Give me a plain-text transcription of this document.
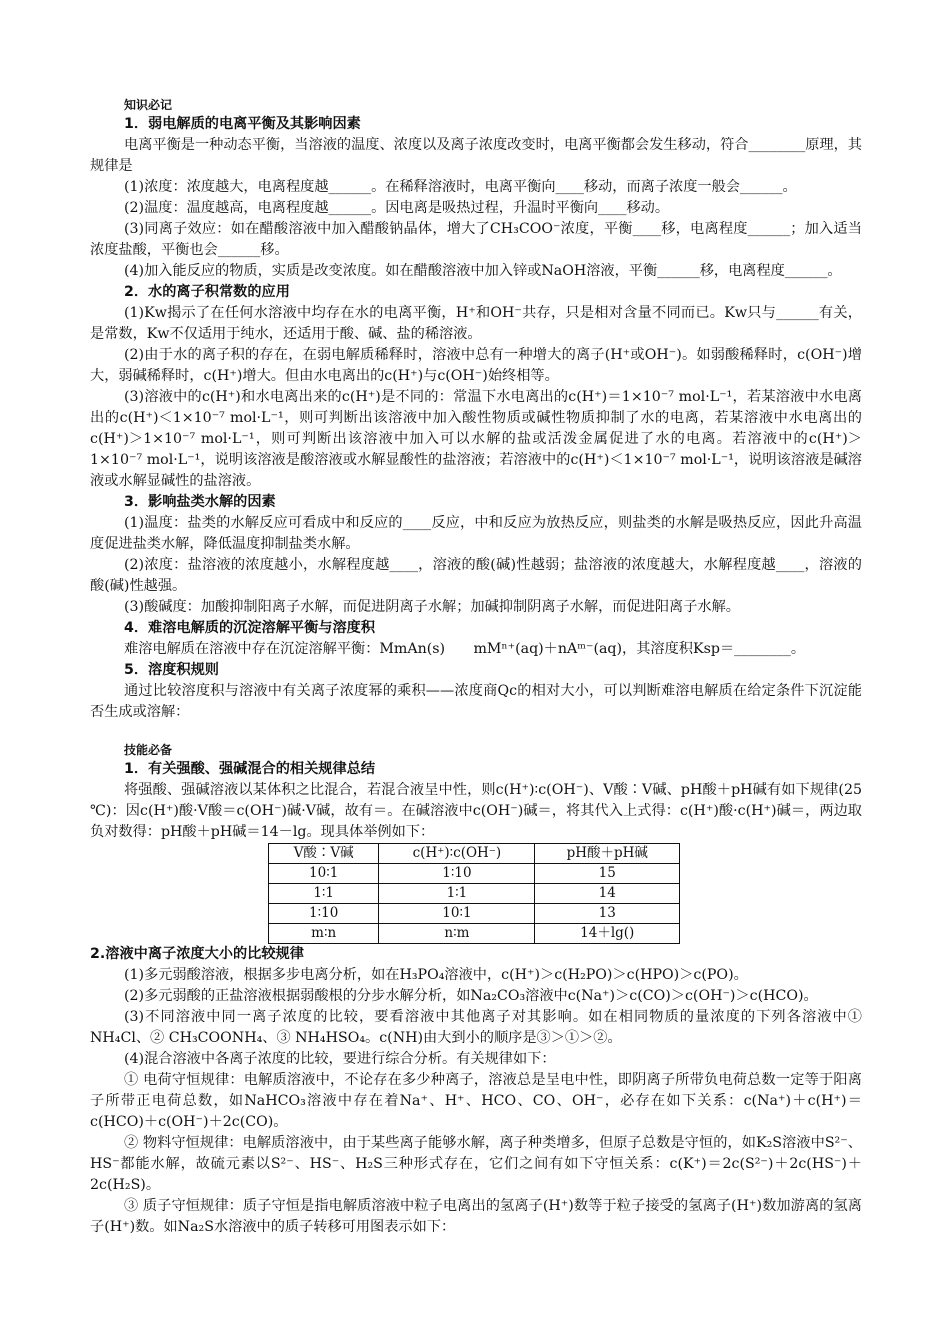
知识必记

1．弱电解质的电离平衡及其影响因素

电离平衡是一种动态平衡，当溶液的温度、浓度以及离子浓度改变时，电离平衡都会发生移动，符合________原理，其规律是

(1)浓度：浓度越大，电离程度越______。在稀释溶液时，电离平衡向____移动，而离子浓度一般会______。

(2)温度：温度越高，电离程度越______。因电离是吸热过程，升温时平衡向____移动。

(3)同离子效应：如在醋酸溶液中加入醋酸钠晶体，增大了CH₃COO⁻浓度，平衡____移，电离程度______；加入适当浓度盐酸，平衡也会______移。

(4)加入能反应的物质，实质是改变浓度。如在醋酸溶液中加入锌或NaOH溶液，平衡______移，电离程度______。

2．水的离子积常数的应用

(1)Kw揭示了在任何水溶液中均存在水的电离平衡，H⁺和OH⁻共存，只是相对含量不同而已。Kw只与______有关，是常数，Kw不仅适用于纯水，还适用于酸、碱、盐的稀溶液。

(2)由于水的离子积的存在，在弱电解质稀释时，溶液中总有一种增大的离子(H⁺或OH⁻)。如弱酸稀释时，c(OH⁻)增大，弱碱稀释时，c(H⁺)增大。但由水电离出的c(H⁺)与c(OH⁻)始终相等。

(3)溶液中的c(H⁺)和水电离出来的c(H⁺)是不同的：常温下水电离出的c(H⁺)＝1×10⁻⁷ mol·L⁻¹，若某溶液中水电离出的c(H⁺)＜1×10⁻⁷ mol·L⁻¹，则可判断出该溶液中加入酸性物质或碱性物质抑制了水的电离，若某溶液中水电离出的c(H⁺)＞1×10⁻⁷ mol·L⁻¹，则可判断出该溶液中加入可以水解的盐或活泼金属促进了水的电离。若溶液中的c(H⁺)＞1×10⁻⁷ mol·L⁻¹，说明该溶液是酸溶液或水解显酸性的盐溶液；若溶液中的c(H⁺)＜1×10⁻⁷ mol·L⁻¹，说明该溶液是碱溶液或水解显碱性的盐溶液。

3．影响盐类水解的因素

(1)温度：盐类的水解反应可看成中和反应的____反应，中和反应为放热反应，则盐类的水解是吸热反应，因此升高温度促进盐类水解，降低温度抑制盐类水解。

(2)浓度：盐溶液的浓度越小，水解程度越____，溶液的酸(碱)性越弱；盐溶液的浓度越大，水解程度越____，溶液的酸(碱)性越强。

(3)酸碱度：加酸抑制阳离子水解，而促进阴离子水解；加碱抑制阴离子水解，而促进阳离子水解。

4．难溶电解质的沉淀溶解平衡与溶度积

难溶电解质在溶液中存在沉淀溶解平衡：MmAn(s)　　mMⁿ⁺(aq)＋nAᵐ⁻(aq)，其溶度积Ksp＝________。

5．溶度积规则

通过比较溶度积与溶液中有关离子浓度幂的乘积——浓度商Qc的相对大小，可以判断难溶电解质在给定条件下沉淀能否生成或溶解：

技能必备

1．有关强酸、强碱混合的相关规律总结

将强酸、强碱溶液以某体积之比混合，若混合液呈中性，则c(H⁺)∶c(OH⁻)、V酸∶V碱、pH酸＋pH碱有如下规律(25 ℃)：因c(H⁺)酸·V酸＝c(OH⁻)碱·V碱，故有＝。在碱溶液中c(OH⁻)碱＝，将其代入上式得：c(H⁺)酸·c(H⁺)碱＝，两边取负对数得：pH酸＋pH碱＝14－lg。现具体举例如下：

V酸∶V碱	c(H⁺)∶c(OH⁻)	pH酸＋pH碱
10∶1	1∶10	15
1∶1	1∶1	14
1∶10	10∶1	13
m∶n	n∶m	14＋lg()

2.溶液中离子浓度大小的比较规律

(1)多元弱酸溶液，根据多步电离分析，如在H₃PO₄溶液中，c(H⁺)＞c(H₂PO)＞c(HPO)＞c(PO)。

(2)多元弱酸的正盐溶液根据弱酸根的分步水解分析，如Na₂CO₃溶液中c(Na⁺)＞c(CO)＞c(OH⁻)＞c(HCO)。

(3)不同溶液中同一离子浓度的比较，要看溶液中其他离子对其影响。如在相同物质的量浓度的下列各溶液中① NH₄Cl、② CH₃COONH₄、③ NH₄HSO₄。c(NH)由大到小的顺序是③＞①＞②。

(4)混合溶液中各离子浓度的比较，要进行综合分析。有关规律如下：

① 电荷守恒规律：电解质溶液中，不论存在多少种离子，溶液总是呈电中性，即阴离子所带负电荷总数一定等于阳离子所带正电荷总数，如NaHCO₃溶液中存在着Na⁺、H⁺、HCO、CO、OH⁻，必存在如下关系：c(Na⁺)＋c(H⁺)＝c(HCO)＋c(OH⁻)＋2c(CO)。

② 物料守恒规律：电解质溶液中，由于某些离子能够水解，离子种类增多，但原子总数是守恒的，如K₂S溶液中S²⁻、HS⁻都能水解，故硫元素以S²⁻、HS⁻、H₂S三种形式存在，它们之间有如下守恒关系：c(K⁺)＝2c(S²⁻)＋2c(HS⁻)＋2c(H₂S)。

③ 质子守恒规律：质子守恒是指电解质溶液中粒子电离出的氢离子(H⁺)数等于粒子接受的氢离子(H⁺)数加游离的氢离子(H⁺)数。如Na₂S水溶液中的质子转移可用图表示如下：
